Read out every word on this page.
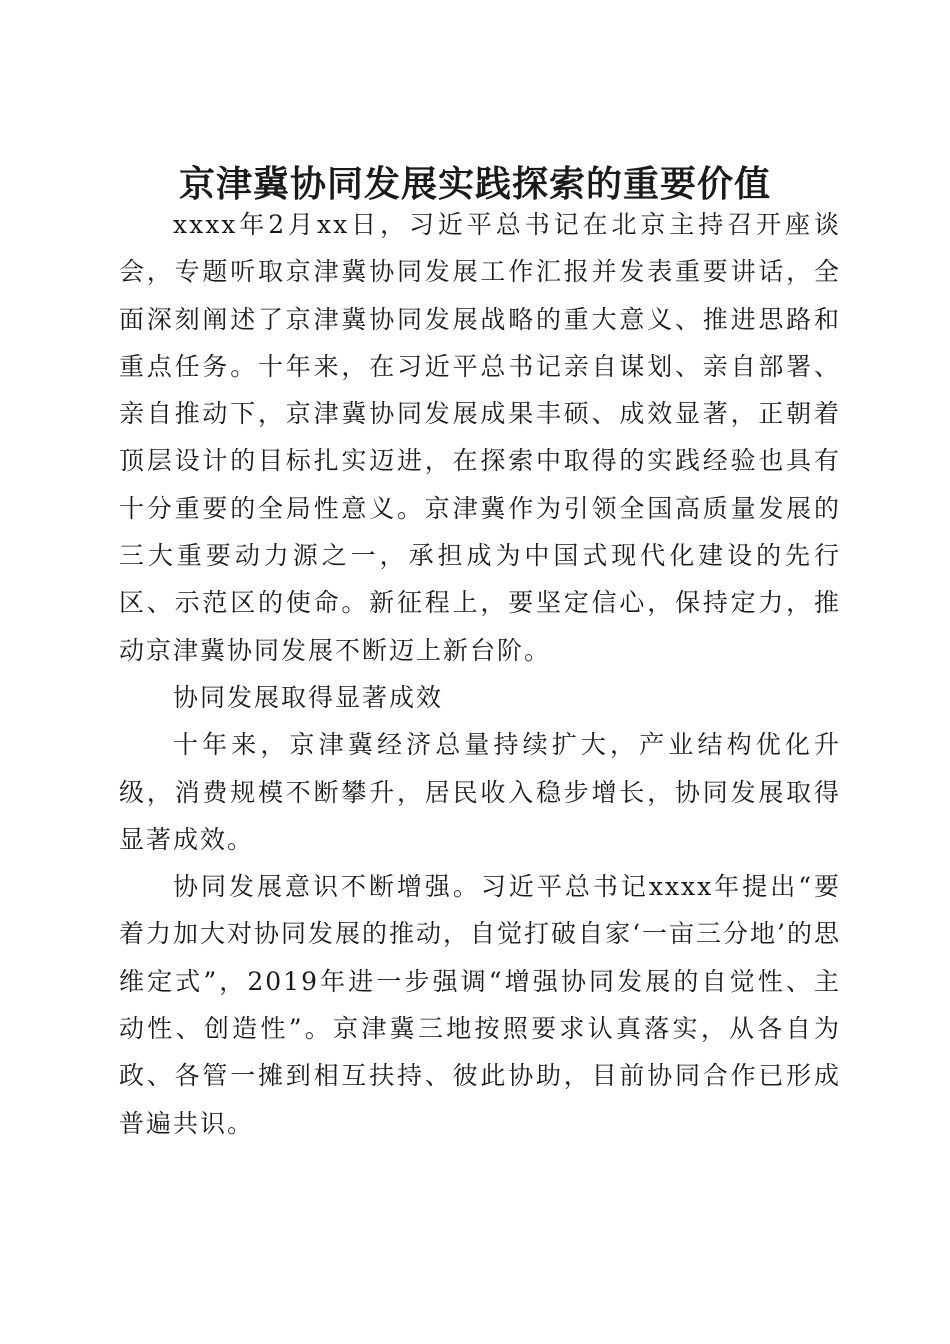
京津冀协同发展实践探索的重要价值

xxxx年2月xx日，习近平总书记在北京主持召开座谈会，专题听取京津冀协同发展工作汇报并发表重要讲话，全面深刻阐述了京津冀协同发展战略的重大意义、推进思路和重点任务。十年来，在习近平总书记亲自谋划、亲自部署、亲自推动下，京津冀协同发展成果丰硕、成效显著，正朝着顶层设计的目标扎实迈进，在探索中取得的实践经验也具有十分重要的全局性意义。京津冀作为引领全国高质量发展的三大重要动力源之一，承担成为中国式现代化建设的先行区、示范区的使命。新征程上，要坚定信心，保持定力，推动京津冀协同发展不断迈上新台阶。

协同发展取得显著成效

十年来，京津冀经济总量持续扩大，产业结构优化升级，消费规模不断攀升，居民收入稳步增长，协同发展取得显著成效。

协同发展意识不断增强。习近平总书记xxxx年提出“要着力加大对协同发展的推动，自觉打破自家‘一亩三分地’的思维定式”，2019年进一步强调“增强协同发展的自觉性、主动性、创造性”。京津冀三地按照要求认真落实，从各自为政、各管一摊到相互扶持、彼此协助，目前协同合作已形成普遍共识。
